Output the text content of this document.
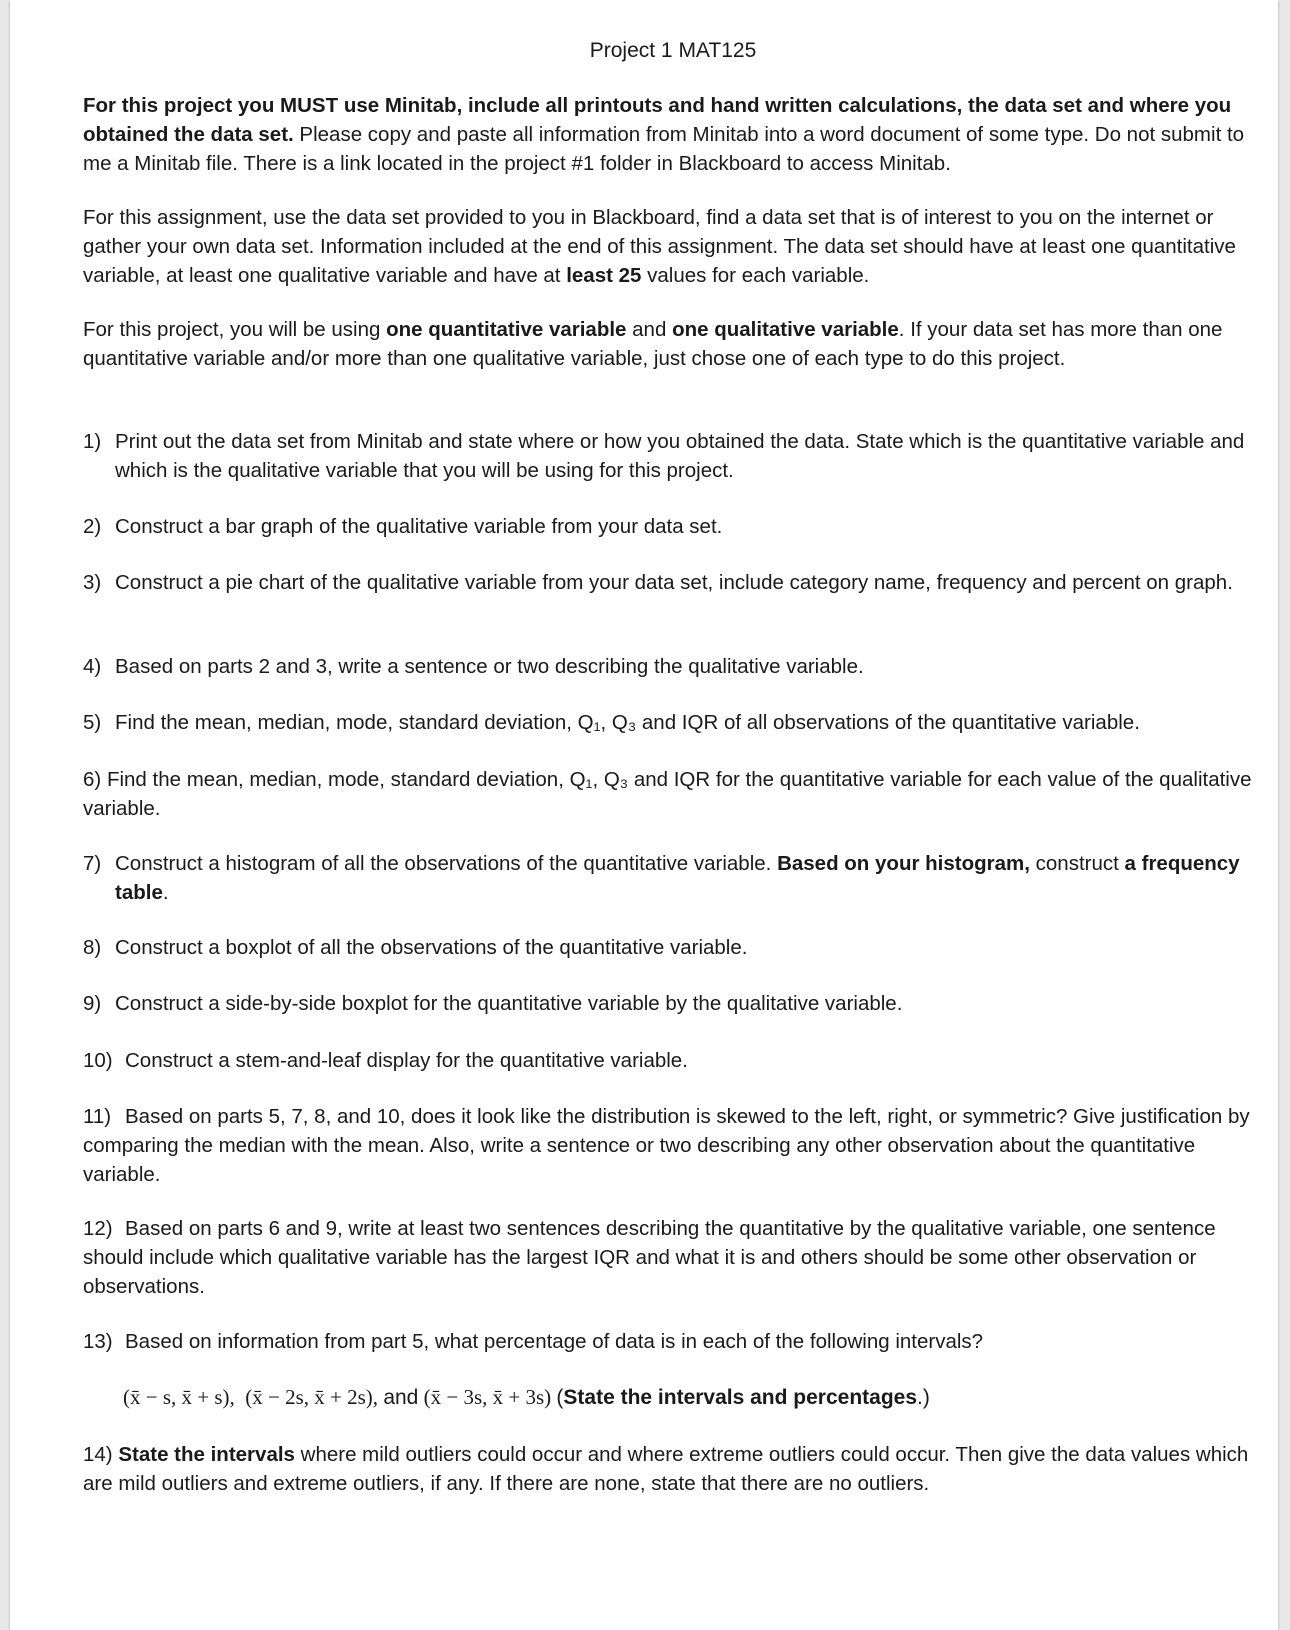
Project 1 MAT125
For this project you MUST use Minitab, include all printouts and hand written calculations, the data set and where you obtained the data set. Please copy and paste all information from Minitab into a word document of some type. Do not submit to me a Minitab file. There is a link located in the project #1 folder in Blackboard to access Minitab.
For this assignment, use the data set provided to you in Blackboard, find a data set that is of interest to you on the internet or gather your own data set. Information included at the end of this assignment. The data set should have at least one quantitative variable, at least one qualitative variable and have at least 25 values for each variable.
For this project, you will be using one quantitative variable and one qualitative variable. If your data set has more than one quantitative variable and/or more than one qualitative variable, just chose one of each type to do this project.
1) Print out the data set from Minitab and state where or how you obtained the data. State which is the quantitative variable and which is the qualitative variable that you will be using for this project.
2) Construct a bar graph of the qualitative variable from your data set.
3) Construct a pie chart of the qualitative variable from your data set, include category name, frequency and percent on graph.
4) Based on parts 2 and 3, write a sentence or two describing the qualitative variable.
5) Find the mean, median, mode, standard deviation, Q₁, Q₃ and IQR of all observations of the quantitative variable.
6) Find the mean, median, mode, standard deviation, Q₁, Q₃ and IQR for the quantitative variable for each value of the qualitative variable.
7) Construct a histogram of all the observations of the quantitative variable. Based on your histogram, construct a frequency table.
8) Construct a boxplot of all the observations of the quantitative variable.
9) Construct a side-by-side boxplot for the quantitative variable by the qualitative variable.
10) Construct a stem-and-leaf display for the quantitative variable.
11) Based on parts 5, 7, 8, and 10, does it look like the distribution is skewed to the left, right, or symmetric? Give justification by comparing the median with the mean. Also, write a sentence or two describing any other observation about the quantitative variable.
12) Based on parts 6 and 9, write at least two sentences describing the quantitative by the qualitative variable, one sentence should include which qualitative variable has the largest IQR and what it is and others should be some other observation or observations.
13) Based on information from part 5, what percentage of data is in each of the following intervals?
(x̄ − s, x̄ + s), (x̄ − 2s, x̄ + 2s), and (x̄ − 3s, x̄ + 3s) (State the intervals and percentages.)
14) State the intervals where mild outliers could occur and where extreme outliers could occur. Then give the data values which are mild outliers and extreme outliers, if any. If there are none, state that there are no outliers.
